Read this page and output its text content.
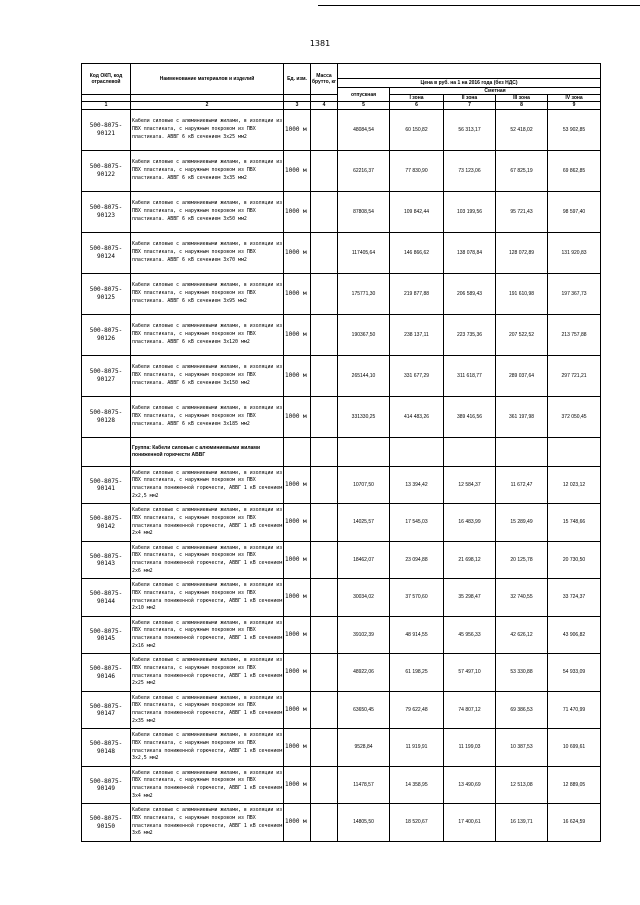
1381
Код ОКП, код отраслевой	Наименование материалов и изделий	Ед. изм.	Масса брутто, кг					
				Цена в руб. на 1 на 2016 года (без НДС)				
				отпускная	Сметная			
					I зона	II зона	III зона	IV зона
1	2	3	4	5	6	7	8	9
500-8075-90121	Кабели силовые с алюминиевыми жилами, в изоляции из ПВХ пластиката, с наружным покровом из ПВХ пластиката. АВВГ 6 кВ сечением 3х25 мм2	1000 м		48084,54	60 150,82	56 313,17	52 418,02	53 902,85
500-8075-90122	Кабели силовые с алюминиевыми жилами, в изоляции из ПВХ пластиката, с наружным покровом из ПВХ пластиката. АВВГ 6 кВ сечением 3х35 мм2	1000 м		62216,37	77 830,90	73 123,06	67 825,19	69 862,85
500-8075-90123	Кабели силовые с алюминиевыми жилами, в изоляции из ПВХ пластиката, с наружным покровом из ПВХ пластиката. АВВГ 6 кВ сечением 3х50 мм2	1000 м		87808,54	109 842,44	103 199,56	95 721,43	98 597,40
500-8075-90124	Кабели силовые с алюминиевыми жилами, в изоляции из ПВХ пластиката, с наружным покровом из ПВХ пластиката. АВВГ 6 кВ сечением 3х70 мм2	1000 м		117405,64	146 866,62	138 078,84	128 072,89	131 920,83
500-8075-90125	Кабели силовые с алюминиевыми жилами, в изоляции из ПВХ пластиката, с наружным покровом из ПВХ пластиката. АВВГ 6 кВ сечением 3х95 мм2	1000 м		175771,30	219 877,88	206 589,43	191 610,98	197 367,73
500-8075-90126	Кабели силовые с алюминиевыми жилами, в изоляции из ПВХ пластиката, с наружным покровом из ПВХ пластиката. АВВГ 6 кВ сечением 3х120 мм2	1000 м		190367,50	238 137,11	223 735,36	207 522,52	213 757,88
500-8075-90127	Кабели силовые с алюминиевыми жилами, в изоляции из ПВХ пластиката, с наружным покровом из ПВХ пластиката. АВВГ 6 кВ сечением 3х150 мм2	1000 м		265144,10	331 677,29	311 618,77	289 037,64	297 721,21
500-8075-90128	Кабели силовые с алюминиевыми жилами, в изоляции из ПВХ пластиката, с наружным покровом из ПВХ пластиката. АВВГ 6 кВ сечением 3х185 мм2	1000 м		331330,25	414 483,26	389 416,56	361 197,98	372 050,45
	Группа: Кабели силовые с алюминиевыми жилами пониженной горючести АВВГ							
500-8075-90141	Кабели силовые с алюминиевыми жилами, в изоляции из ПВХ пластиката, с наружным покровом из ПВХ пластиката пониженной горючести, АВВГ 1 кВ сечением 2х2,5 мм2	1000 м		10707,50	13 394,42	12 584,37	11 672,47	12 023,12
500-8075-90142	Кабели силовые с алюминиевыми жилами, в изоляции из ПВХ пластиката, с наружным покровом из ПВХ пластиката пониженной горючести, АВВГ 1 кВ сечением 2х4 мм2	1000 м		14025,57	17 545,03	16 483,99	15 289,49	15 748,66
500-8075-90143	Кабели силовые с алюминиевыми жилами, в изоляции из ПВХ пластиката, с наружным покровом из ПВХ пластиката пониженной горючести, АВВГ 1 кВ сечением 2х6 мм2	1000 м		18462,07	23 094,88	21 698,12	20 125,78	20 730,50
500-8075-90144	Кабели силовые с алюминиевыми жилами, в изоляции из ПВХ пластиката, с наружным покровом из ПВХ пластиката пониженной горючести, АВВГ 1 кВ сечением 2х10 мм2	1000 м		30034,02	37 570,60	35 298,47	32 740,55	33 724,37
500-8075-90145	Кабели силовые с алюминиевыми жилами, в изоляции из ПВХ пластиката, с наружным покровом из ПВХ пластиката пониженной горючести, АВВГ 1 кВ сечением 2х16 мм2	1000 м		39102,39	48 914,55	45 956,33	42 626,12	43 906,82
500-8075-90146	Кабели силовые с алюминиевыми жилами, в изоляции из ПВХ пластиката, с наружным покровом из ПВХ пластиката пониженной горючести, АВВГ 1 кВ сечением 2х25 мм2	1000 м		48922,06	61 198,25	57 497,10	53 330,88	54 933,09
500-8075-90147	Кабели силовые с алюминиевыми жилами, в изоляции из ПВХ пластиката, с наружным покровом из ПВХ пластиката пониженной горючести, АВВГ 1 кВ сечением 2х35 мм2	1000 м		63650,45	79 622,48	74 807,12	69 386,53	71 470,99
500-8075-90148	Кабели силовые с алюминиевыми жилами, в изоляции из ПВХ пластиката, с наружным покровом из ПВХ пластиката пониженной горючести, АВВГ 1 кВ сечением 3х2,5 мм2	1000 м		9528,84	11 919,91	11 199,03	10 387,53	10 699,61
500-8075-90149	Кабели силовые с алюминиевыми жилами, в изоляции из ПВХ пластиката, с наружным покровом из ПВХ пластиката пониженной горючести, АВВГ 1 кВ сечением 3х4 мм2	1000 м		11478,57	14 358,95	13 490,69	12 513,08	12 889,05
500-8075-90150	Кабели силовые с алюминиевыми жилами, в изоляции из ПВХ пластиката, с наружным покровом из ПВХ пластиката пониженной горючести, АВВГ 1 кВ сечением 3х6 мм2	1000 м		14805,50	18 520,67	17 400,61	16 139,71	16 624,59
